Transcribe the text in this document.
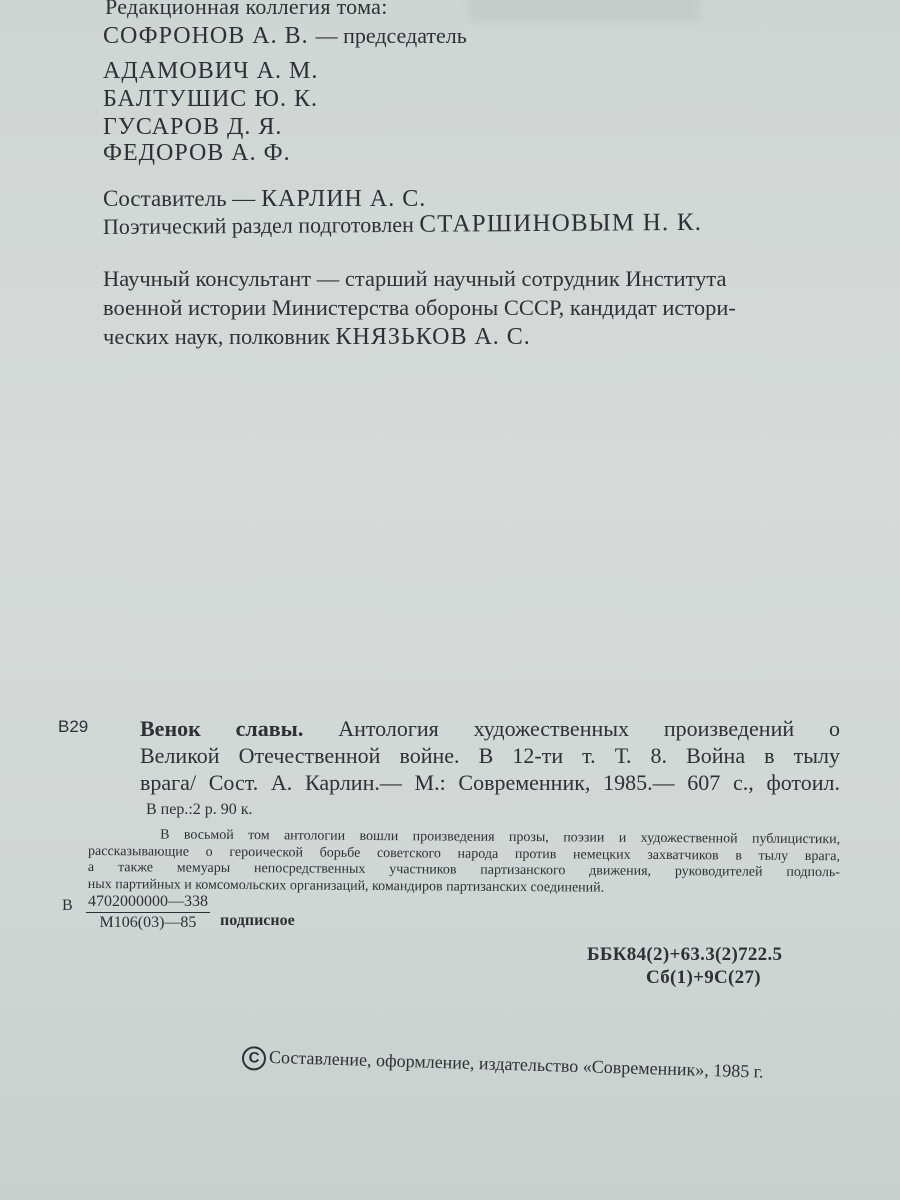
Редакционная коллегия тома:
СОФРОНОВ А. В. — председатель
АДАМОВИЧ А. М.
БАЛТУШИС Ю. К.
ГУСАРОВ Д. Я.
ФЕДОРОВ А. Ф.
Составитель — КАРЛИН А. С.
Поэтический раздел подготовлен СТАРШИНОВЫМ Н. К.
Научный консультант — старший научный сотрудник Института
военной истории Министерства обороны СССР, кандидат истори-
ческих наук, полковник КНЯЗЬКОВ А. С.
В29 Венок славы. Антология художественных произведений о
Великой Отечественной войне. В 12-ти т. Т. 8. Война в тылу
врага/ Сост. А. Карлин.— М.: Современник, 1985.— 607 с., фотоил.
В пер.:2 р. 90 к.
В восьмой том антологии вошли произведения прозы, поэзии и художественной публицистики,
рассказывающие о героической борьбе советского народа против немецких захватчиков в тылу врага,
а также мемуары непосредственных участников партизанского движения, руководителей подполь-
ных партийных и комсомольских организаций, командиров партизанских соединений.
В 4702000000—338
М106(03)—85	подписное
ББК84(2)+63.3(2)722.5
Сб(1)+9С(27)
C Составление, оформление, издательство «Современник», 1985 г.
